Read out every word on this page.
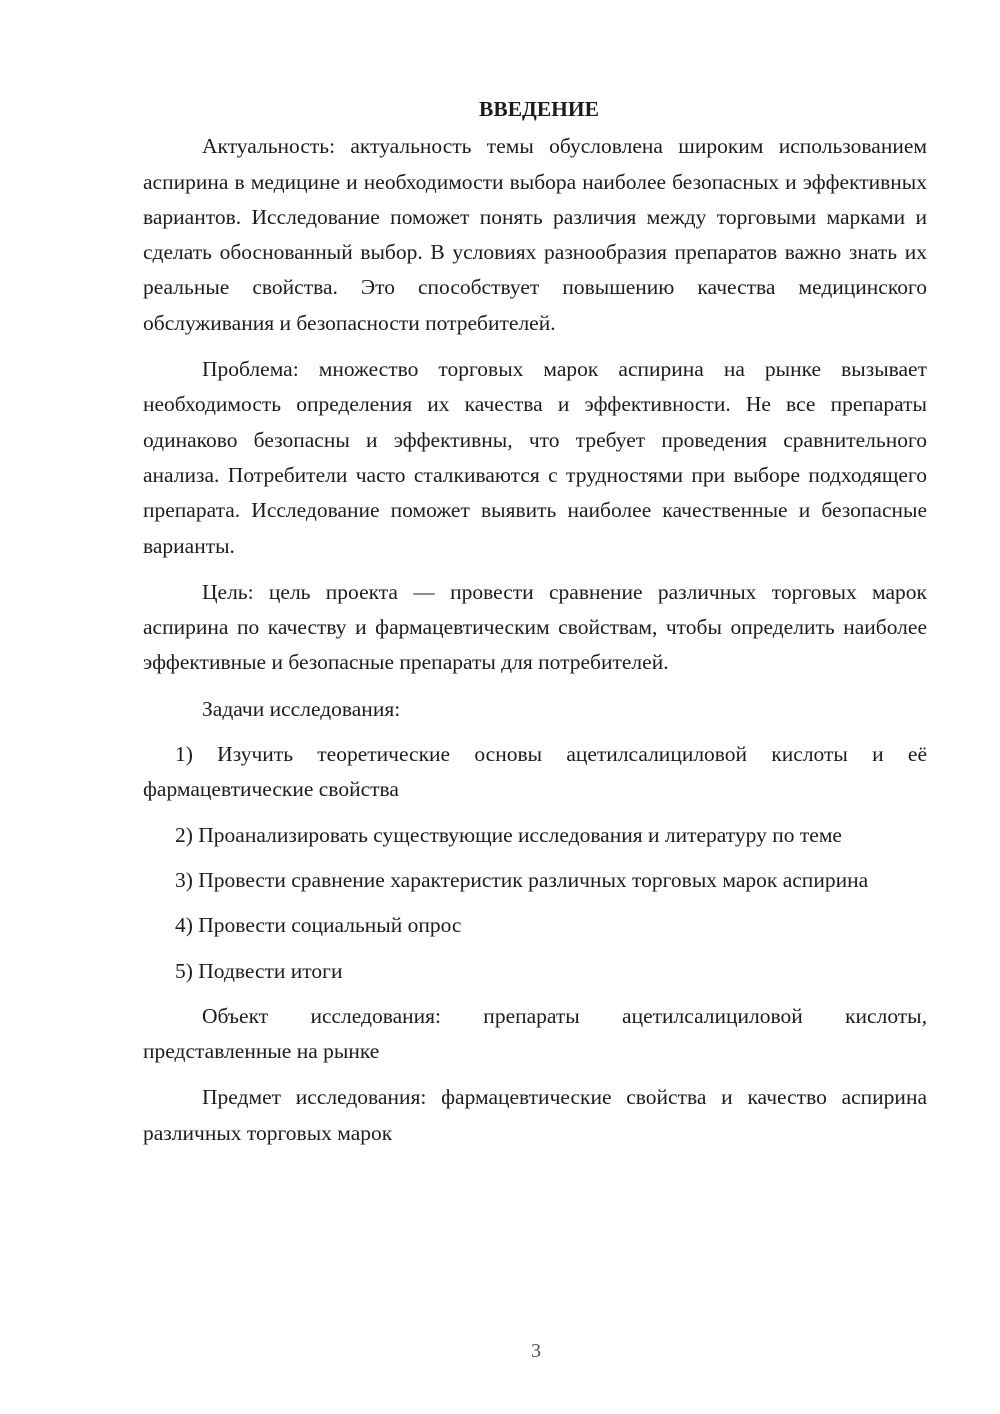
ВВЕДЕНИЕ

Актуальность: актуальность темы обусловлена широким использованием аспирина в медицине и необходимости выбора наиболее безопасных и эффективных вариантов. Исследование поможет понять различия между торговыми марками и сделать обоснованный выбор. В условиях разнообразия препаратов важно знать их реальные свойства. Это способствует повышению качества медицинского обслуживания и безопасности потребителей.

Проблема: множество торговых марок аспирина на рынке вызывает необходимость определения их качества и эффективности. Не все препараты одинаково безопасны и эффективны, что требует проведения сравнительного анализа. Потребители часто сталкиваются с трудностями при выборе подходящего препарата. Исследование поможет выявить наиболее качественные и безопасные варианты.

Цель: цель проекта — провести сравнение различных торговых марок аспирина по качеству и фармацевтическим свойствам, чтобы определить наиболее эффективные и безопасные препараты для потребителей.

Задачи исследования:

1) Изучить теоретические основы ацетилсалициловой кислоты и её фармацевтические свойства

2) Проанализировать существующие исследования и литературу по теме

3) Провести сравнение характеристик различных торговых марок аспирина

4) Провести социальный опрос

5) Подвести итоги

Объект исследования: препараты ацетилсалициловой кислоты, представленные на рынке

Предмет исследования: фармацевтические свойства и качество аспирина различных торговых марок

3
